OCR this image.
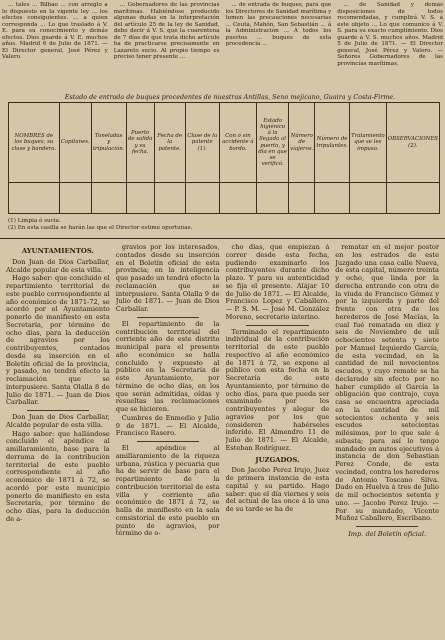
... tales ... Bilbao ... con arreglo a lo dispuesto en la vigente ley ... los efectos consiguientes. ... a quien corresponda ... Lo que traslado á V. E. para su conocimiento y demás efectos. Dios guarde á V. E. muchos años. Madrid 6 de Julio de 1871. — El Director general, José Pérez y Valero.

... Gobernadores de las provincias marítimas. Habiéndose producido algunas dudas en la interpretación del artículo 25 de la ley de Sanidad, debo decir á V. S. que la cuarentena de 7 días de que trata dicho artículo ha de practicarse precisamente en Lazareto sucio. Al propio tiempo es preciso tener presente ...

... de entrada de buques, para que los Directores de Sanidad marítima y tomen las precauciones necesarias ... Ceuta, Mahón, San Sebastián ... á la Administración ... A todos los puertos ... buques de esta procedencia ...

... de Sanidad y demás disposiciones de todos recomendadas, y cumplirá V. S. á este objeto ... Lo que comunico á V. S. para su exacto cumplimiento. Dios guarde á V. S. muchos años. Madrid 5 de Julio de 1871. — El Director general, José Pérez y Valero. — Señores Gobernadores de las provincias marítimas.

Estado de entrada de buques procedentes de nuestras Antillas, Seno mejicano, Guaira y Costa-Firme.
NOMBRES de los buques, su clase y bandera.	Capitanes.	Toneladas y tripulación.	Puerto de salida y su fecha.	Fecha de la patente.	Clase de la patente (1).	Con ó sin accidente á bordo.	Estado higiénico á la llegada al puerto, y día en que se verificó.	Número de viajeros.	Número de tripulantes.	Tratamiento que se les impuso.	OBSERVACIONES (2).

(1) Limpia ó sucia.
(2) En esta casilla se harán las que el Director estime oportunas.
AYUNTAMIENTOS.

Don Juan de Dios Carballar, Alcalde popular de esta villa.

Hago saber: que concluido el repartimiento territorial de este pueblo correspondiente al año económico de 1871-72, se acordó por el Ayuntamiento ponerlo de manifiesto en esta Secretaría, por término de ocho días, para la deducción de agravios por los contribuyentes, contados desde su inserción en el Boletín oficial de la provincia, y pasado, no tendrá efecto la reclamación que se interpusiere. Santa Olalla 8 de Julio de 1871. — Juan de Dios Carballar.

Don Juan de Dios Carballar, Alcalde popular de esta villa.

Hago saber: que hallándose concluido el apéndice al amillaramiento, base para la derrama de la contribución territorial de este pueblo correspondiente al año económico de 1871 á 72, se acordó por este municipio ponerlo de manifiesto en esta Secretaría, por término de ocho días, para la deducción de a-

gravios por los interesados, contados desde su inserción en el Boletín oficial de esta provincia; en la inteligencia que pasado un tendrá efecto la reclamación que se interpusiere. Santa Olalla 9 de Julio de 1871. — Juan de Dios Carballar.

El repartimiento de la contribución territorial del corriente año de este distrito municipal para el presente año económico se halla concluido y expuesto al público en la Secretaría de este Ayuntamiento, por término de ocho días, en los que serán admitidas, oídas y resueltas las reclamaciones que se hicieren.

Cumbres de Enmedio y Julio 9 de 1871. — El Alcalde, Francisco Rasero.

El apéndice al amillaramiento de la riqueza urbana, rústica y pecuaria que ha de servir de base para el repartimiento de la contribución territorial de esta villa y corriente año económico de 1871 á 72, se halla de manifiesto en la sala consistorial de este pueblo en punto de agravios, por término de o-

cho días, que empiezan á correr desde esta fecha, pudiendo examinarlo los contribuyentes durante dicho plazo. Y para su autenticidad se fija el presente. Alájar 10 de Julio de 1871. — El Alcalde, Francisco Lopez y Caballero. — P. S. M. — José M. González Moreno, secretario interino.

Terminado el repartimiento individual de la contribución territorial de este pueblo respectivo al año económico de 1871 á 72, se expone al público con esta fecha en la Secretaría de este Ayuntamiento, por término de ocho días, para que pueda ser examinado por los contribuyentes y alegar de agravios por los que consideren habérseles inferido. El Almendro 11 de Julio de 1871. — El Alcalde, Esteban Rodríguez.

JUZGADOS.

Don Jacobo Perez Irujo, Juez de primera instancia de esta capital y su partido. Hago saber: que el día viernes y seis del actual de las once á la una de su tarde se ha de

rematar en el mejor postor en los estrados de este Juzgado una casa calle Nueva, de esta capital, número treinta y ocho, que linda por la derecha entrando con otra de la viuda de Francisco Gómez y por la izquierda y parte del frente con otra de los herederos de José Macías, la cual fué rematada en diez y seis de Noviembre de mil ochocientos setenta y siete por Manuel Izquierdo García, de esta vecindad, en la cantidad de mil novecientos escudos, y cuyo remate se ha declarado sin efecto por no haber cumplido el García la obligación que contrajo, cuya casa se encuentra apreciada en la cantidad de mil setecientos ochenta y seis escudos setecientas milésimas, por lo que sale á subasta; para así lo tengo mandado en autos ejecutivos á instancia de don Sebastian Perez Conde, de esta vecindad, contra los herederos de Antonio Toscano Silva. Dado en Huelva á tres de Julio de mil ochocientos setenta y uno. — Jacobo Perez Irujo. — Por su mandado, Vicente Muñoz Caballero, Escribano.

Imp. del Boletín oficial.
